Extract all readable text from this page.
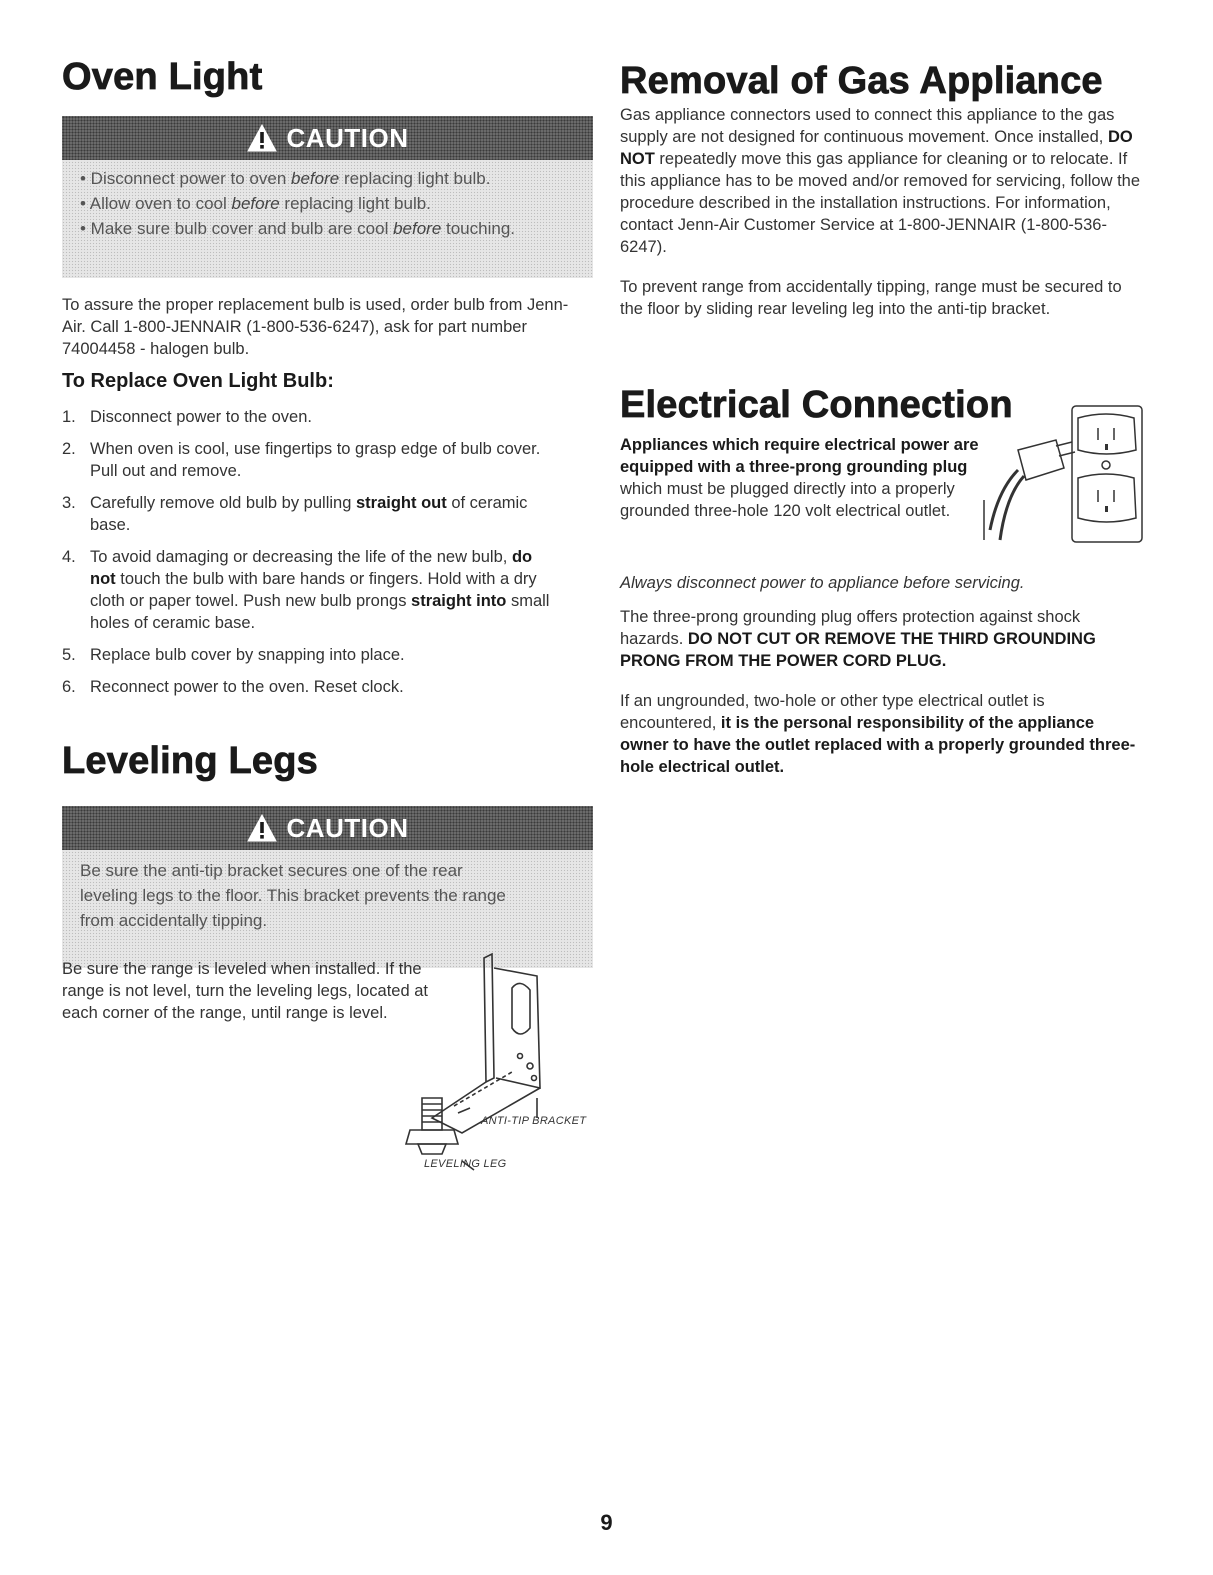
Oven Light
CAUTION
• Disconnect power to oven before replacing light bulb.
• Allow oven to cool before replacing light bulb.
• Make sure bulb cover and bulb are cool before touching.

To assure the proper replacement bulb is used, order bulb from Jenn-Air. Call 1-800-JENNAIR (1-800-536-6247), ask for part number 74004458 - halogen bulb.

To Replace Oven Light Bulb:
1. Disconnect power to the oven.
2. When oven is cool, use fingertips to grasp edge of bulb cover. Pull out and remove.
3. Carefully remove old bulb by pulling straight out of ceramic base.
4. To avoid damaging or decreasing the life of the new bulb, do not touch the bulb with bare hands or fingers. Hold with a dry cloth or paper towel. Push new bulb prongs straight into small holes of ceramic base.
5. Replace bulb cover by snapping into place.
6. Reconnect power to the oven. Reset clock.
Leveling Legs
CAUTION
Be sure the anti-tip bracket secures one of the rear
leveling legs to the floor. This bracket prevents the range
from accidentally tipping.

Be sure the range is leveled when installed. If the range is not level, turn the leveling legs, located at each corner of the range, until range is level.

ANTI-TIP BRACKET
LEVELING LEG
Removal of Gas Appliance

Gas appliance connectors used to connect this appliance to the gas supply are not designed for continuous movement. Once installed, DO NOT repeatedly move this gas appliance for cleaning or to relocate. If this appliance has to be moved and/or removed for servicing, follow the procedure described in the installation instructions. For information, contact Jenn-Air Customer Service at 1-800-JENNAIR (1-800-536-6247).

To prevent range from accidentally tipping, range must be secured to the floor by sliding rear leveling leg into the anti-tip bracket.

Electrical Connection

Appliances which require electrical power are equipped with a three-prong grounding plug which must be plugged directly into a properly grounded three-hole 120 volt electrical outlet.

Always disconnect power to appliance before servicing.

The three-prong grounding plug offers protection against shock hazards. DO NOT CUT OR REMOVE THE THIRD GROUNDING PRONG FROM THE POWER CORD PLUG.

If an ungrounded, two-hole or other type electrical outlet is encountered, it is the personal responsibility of the appliance owner to have the outlet replaced with a properly grounded three-hole electrical outlet.

9
